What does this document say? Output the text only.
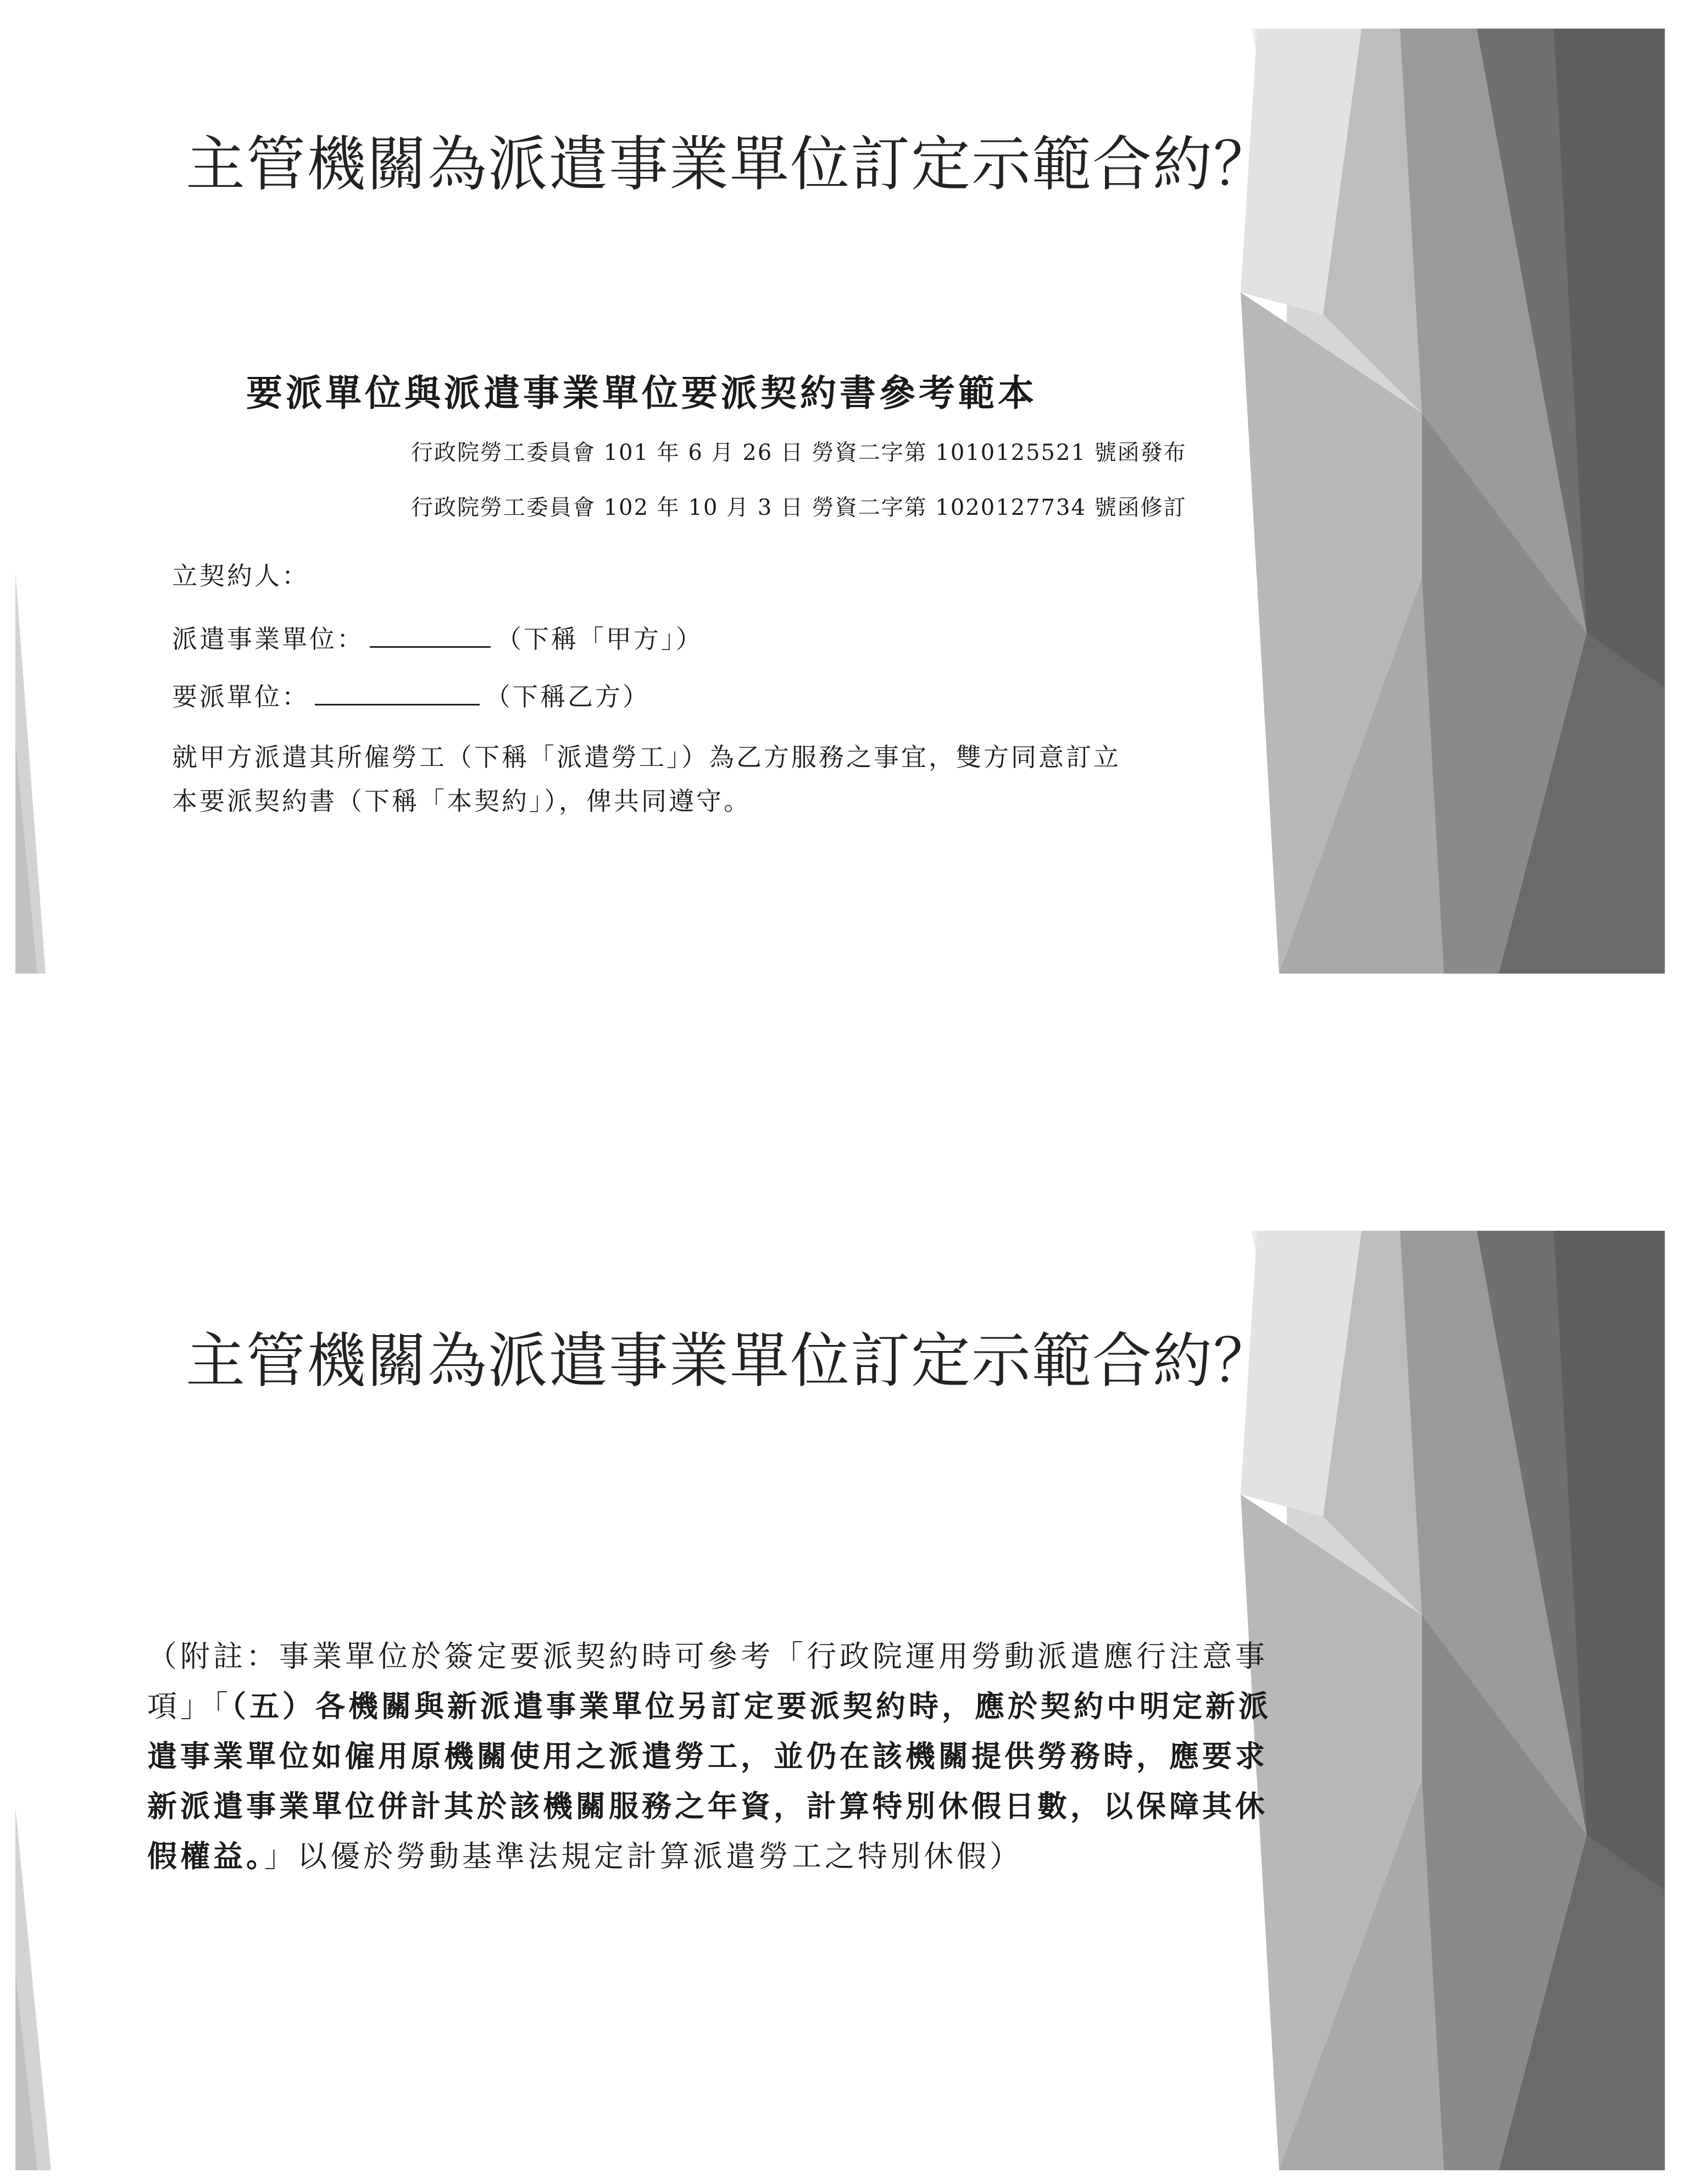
主管機關為派遣事業單位訂定示範合約？
要派單位與派遣事業單位要派契約書參考範本
行政院勞工委員會 101 年 6 月 26 日 勞資二字第 1010125521 號函發布
行政院勞工委員會 102 年 10 月 3 日 勞資二字第 1020127734 號函修訂
立契約人：
派遣事業單位：	（下稱「甲方」）
要派單位：	（下稱乙方）
就甲方派遣其所僱勞工（下稱「派遣勞工」）為乙方服務之事宜，雙方同意訂立
本要派契約書（下稱「本契約」），俾共同遵守。
主管機關為派遣事業單位訂定示範合約？

（附註：事業單位於簽定要派契約時可參考「行政院運用勞動派遣應行注意事

項」「（五）各機關與新派遣事業單位另訂定要派契約時，應於契約中明定新派

遣事業單位如僱用原機關使用之派遣勞工，並仍在該機關提供勞務時，應要求

新派遣事業單位併計其於該機關服務之年資，計算特別休假日數，以保障其休

假權益。」以優於勞動基準法規定計算派遣勞工之特別休假）
